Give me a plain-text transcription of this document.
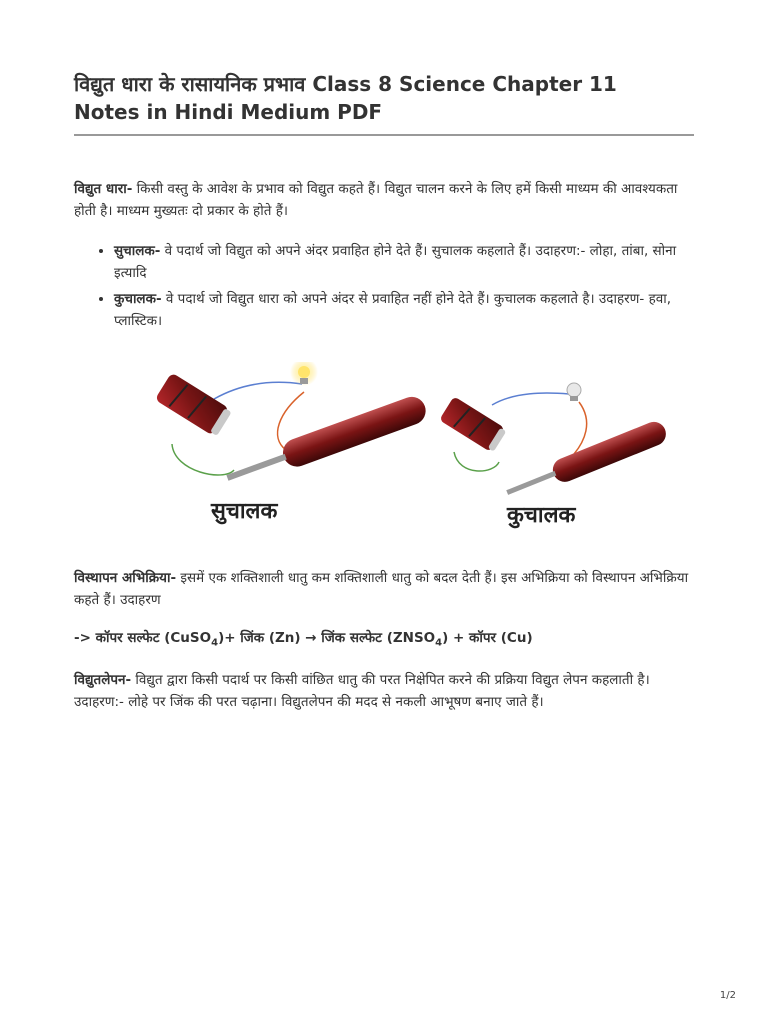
विद्युत धारा के रासायनिक प्रभाव Class 8 Science Chapter 11
Notes in Hindi Medium PDF

विद्युत धारा- किसी वस्तु के आवेश के प्रभाव को विद्युत कहते हैं। विद्युत चालन करने के लिए हमें किसी माध्यम की आवश्यकता होती है। माध्यम मुख्यतः दो प्रकार के होते हैं।

• सुचालक- वे पदार्थ जो विद्युत को अपने अंदर प्रवाहित होने देते हैं। सुचालक कहलाते हैं। उदाहरण:- लोहा, तांबा, सोना इत्यादि
• कुचालक- वे पदार्थ जो विद्युत धारा को अपने अंदर से प्रवाहित नहीं होने देते हैं। कुचालक कहलाते है। उदाहरण- हवा, प्लास्टिक।
सुचालक	कुचालक

विस्थापन अभिक्रिया- इसमें एक शक्तिशाली धातु कम शक्तिशाली धातु को बदल देती हैं। इस अभिक्रिया को विस्थापन अभिक्रिया कहते हैं। उदाहरण

-> कॉपर सल्फेट (CuSO$_4$)+ जिंक (Zn) → जिंक सल्फेट $(ZNSO_4)$ + कॉपर (Cu)

विद्युतलेपन- विद्युत द्वारा किसी पदार्थ पर किसी वांछित धातु की परत निक्षेपित करने की प्रक्रिया विद्युत लेपन कहलाती है। उदाहरण:- लोहे पर जिंक की परत चढ़ाना। विद्युतलेपन की मदद से नकली आभूषण बनाए जाते हैं।

1/2
